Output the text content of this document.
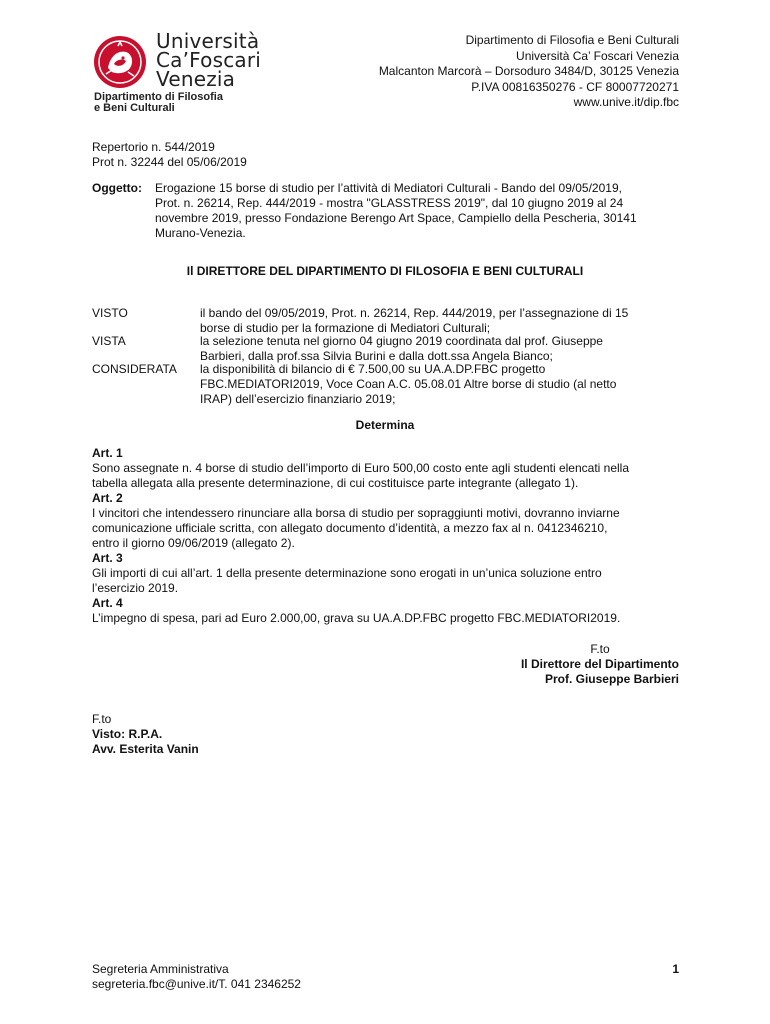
Università
Ca’Foscari
Venezia
Dipartimento di Filosofia
e Beni Culturali
Dipartimento di Filosofia e Beni Culturali
Università Ca’ Foscari Venezia
Malcanton Marcorà – Dorsoduro 3484/D, 30125 Venezia
P.IVA 00816350276 - CF 80007720271
www.unive.it/dip.fbc
Repertorio n. 544/2019
Prot n. 32244 del 05/06/2019
Oggetto: Erogazione 15 borse di studio per l’attività di Mediatori Culturali - Bando del 09/05/2019,
Prot. n. 26214, Rep. 444/2019 - mostra "GLASSTRESS 2019", dal 10 giugno 2019 al 24
novembre 2019, presso Fondazione Berengo Art Space, Campiello della Pescheria, 30141
Murano-Venezia.
Il DIRETTORE DEL DIPARTIMENTO DI FILOSOFIA E BENI CULTURALI
VISTO	il bando del 09/05/2019, Prot. n. 26214, Rep. 444/2019, per l’assegnazione di 15
borse di studio per la formazione di Mediatori Culturali;
VISTA	la selezione tenuta nel giorno 04 giugno 2019 coordinata dal prof. Giuseppe
Barbieri, dalla prof.ssa Silvia Burini e dalla dott.ssa Angela Bianco;
CONSIDERATA la disponibilità di bilancio di € 7.500,00 su UA.A.DP.FBC progetto
FBC.MEDIATORI2019, Voce Coan A.C. 05.08.01 Altre borse di studio (al netto
IRAP) dell’esercizio finanziario 2019;
Determina
Art. 1
Sono assegnate n. 4 borse di studio dell’importo di Euro 500,00 costo ente agli studenti elencati nella
tabella allegata alla presente determinazione, di cui costituisce parte integrante (allegato 1).
Art. 2
I vincitori che intendessero rinunciare alla borsa di studio per sopraggiunti motivi, dovranno inviarne
comunicazione ufficiale scritta, con allegato documento d’identità, a mezzo fax al n. 0412346210,
entro il giorno 09/06/2019 (allegato 2).
Art. 3
Gli importi di cui all’art. 1 della presente determinazione sono erogati in un’unica soluzione entro
l’esercizio 2019.
Art. 4
L’impegno di spesa, pari ad Euro 2.000,00, grava su UA.A.DP.FBC progetto FBC.MEDIATORI2019.
F.to
Il Direttore del Dipartimento
Prof. Giuseppe Barbieri
F.to
Visto: R.P.A.
Avv. Esterita Vanin
Segreteria Amministrativa
segreteria.fbc@unive.it/T. 041 2346252
1
